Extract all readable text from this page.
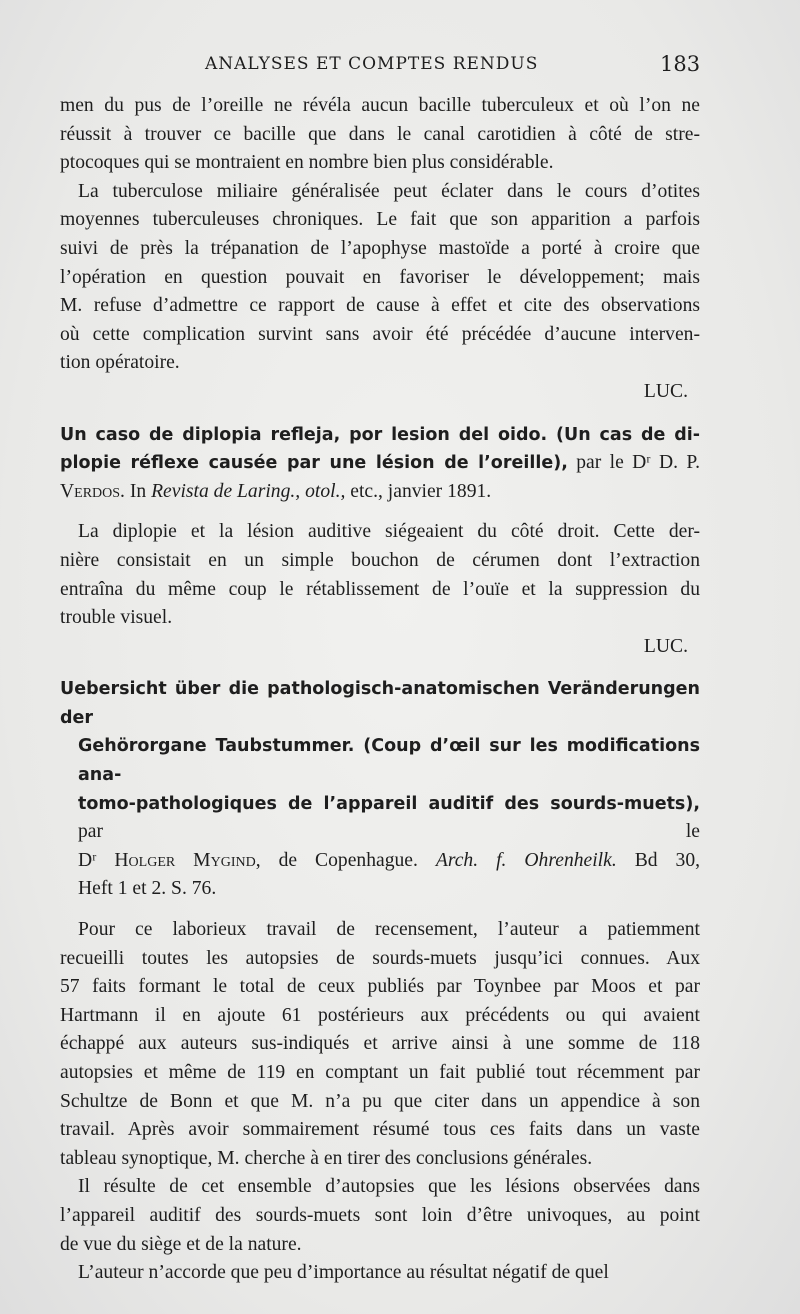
ANALYSES ET COMPTES RENDUS	183

men du pus de l’oreille ne révéla aucun bacille tuberculeux et où l’on ne

réussit à trouver ce bacille que dans le canal carotidien à côté de stre-

ptocoques qui se montraient en nombre bien plus considérable.

La tuberculose miliaire généralisée peut éclater dans le cours d’otites

moyennes tuberculeuses chroniques. Le fait que son apparition a parfois

suivi de près la trépanation de l’apophyse mastoïde a porté à croire que

l’opération en question pouvait en favoriser le développement; mais

M. refuse d’admettre ce rapport de cause à effet et cite des observations

où cette complication survint sans avoir été précédée d’aucune interven-

tion opératoire.

LUC.

Un caso de diplopia refleja, por lesion del oido. (Un cas de di-

plopie réflexe causée par une lésion de l’oreille), par le Dʳ D. P.

Verdos. In Revista de Laring., otol., etc., janvier 1891.

La diplopie et la lésion auditive siégeaient du côté droit. Cette der-

nière consistait en un simple bouchon de cérumen dont l’extraction

entraîna du même coup le rétablissement de l’ouïe et la suppression du

trouble visuel.

LUC.

Uebersicht über die pathologisch-anatomischen Veränderungen der

Gehörorgane Taubstummer. (Coup d’œil sur les modifications ana-

tomo-pathologiques de l’appareil auditif des sourds-muets), par le

Dʳ Holger Mygind, de Copenhague. Arch. f. Ohrenheilk. Bd 30,

Heft 1 et 2. S. 76.

Pour ce laborieux travail de recensement, l’auteur a patiemment

recueilli toutes les autopsies de sourds-muets jusqu’ici connues. Aux

57 faits formant le total de ceux publiés par Toynbee par Moos et par

Hartmann il en ajoute 61 postérieurs aux précédents ou qui avaient

échappé aux auteurs sus-indiqués et arrive ainsi à une somme de 118

autopsies et même de 119 en comptant un fait publié tout récemment par

Schultze de Bonn et que M. n’a pu que citer dans un appendice à son

travail. Après avoir sommairement résumé tous ces faits dans un vaste

tableau synoptique, M. cherche à en tirer des conclusions générales.

Il résulte de cet ensemble d’autopsies que les lésions observées dans

l’appareil auditif des sourds-muets sont loin d’être univoques, au point

de vue du siège et de la nature.

L’auteur n’accorde que peu d’importance au résultat négatif de quel
